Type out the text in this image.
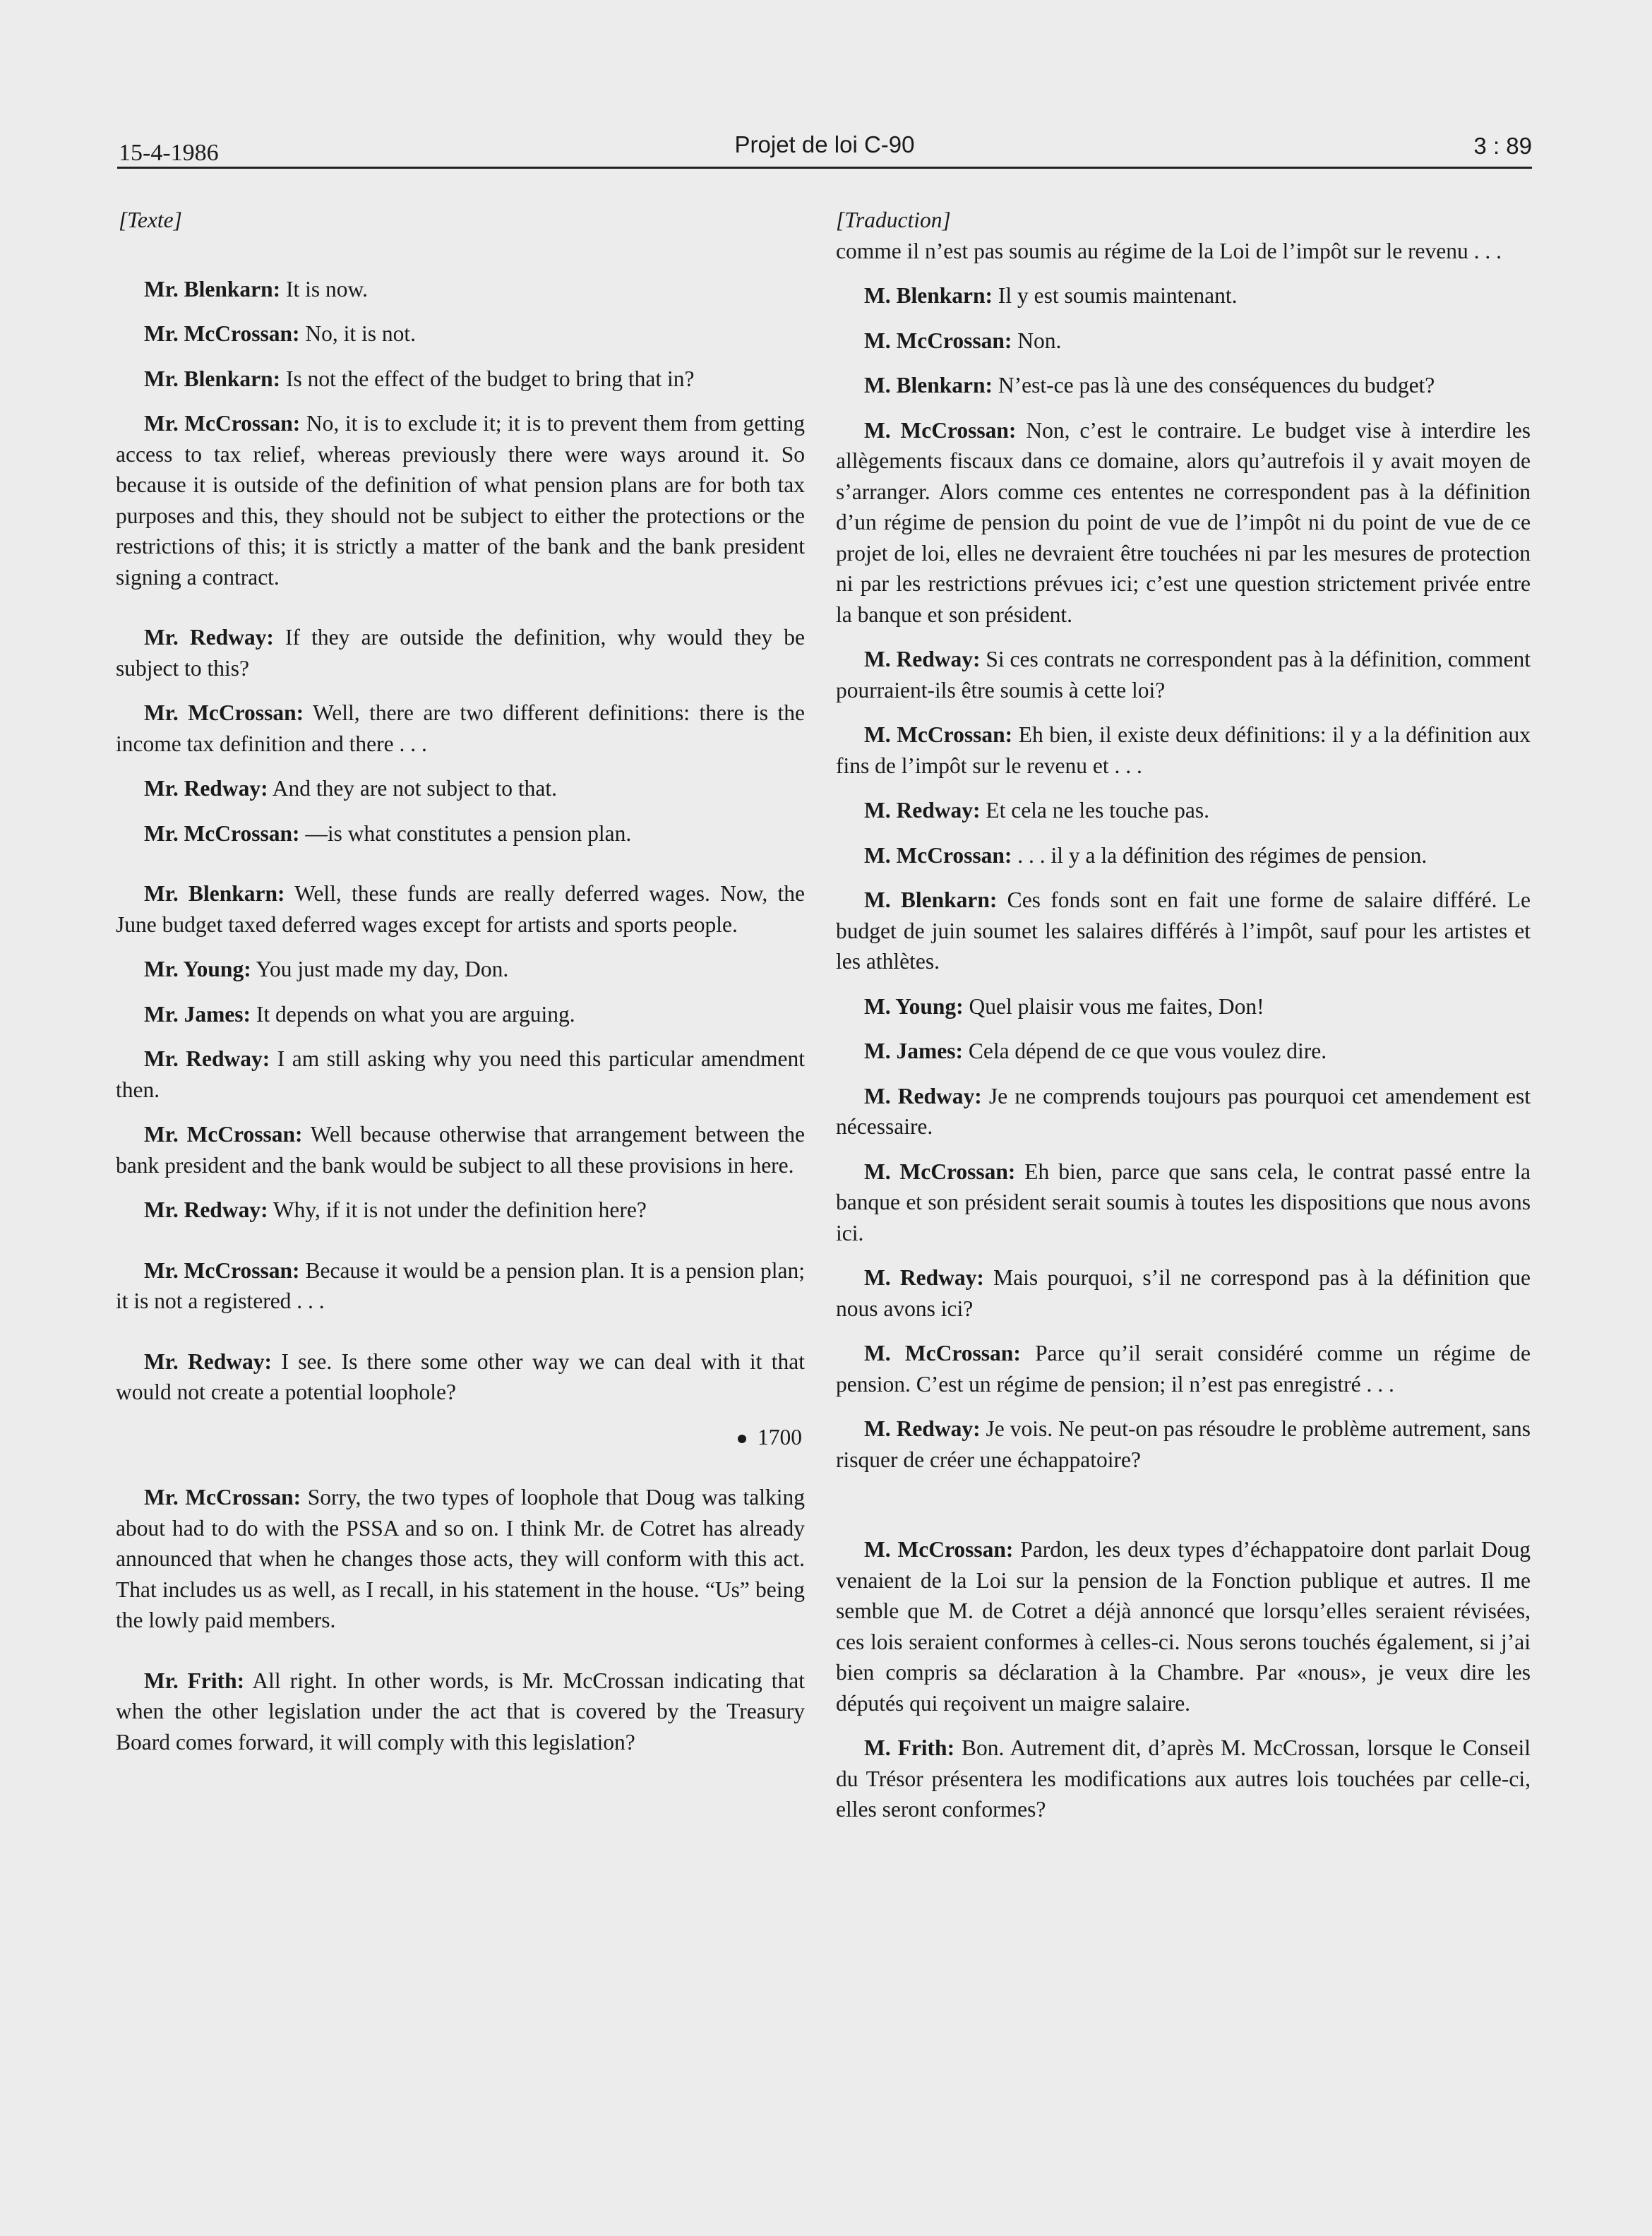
15-4-1986	Projet de loi C-90	3 : 89
[Texte]

Mr. Blenkarn: It is now.

Mr. McCrossan: No, it is not.

Mr. Blenkarn: Is not the effect of the budget to bring that in?

Mr. McCrossan: No, it is to exclude it; it is to prevent them from getting access to tax relief, whereas previously there were ways around it. So because it is outside of the definition of what pension plans are for both tax purposes and this, they should not be subject to either the protections or the restrictions of this; it is strictly a matter of the bank and the bank president signing a contract.

Mr. Redway: If they are outside the definition, why would they be subject to this?

Mr. McCrossan: Well, there are two different definitions: there is the income tax definition and there . . .

Mr. Redway: And they are not subject to that.

Mr. McCrossan: —is what constitutes a pension plan.

Mr. Blenkarn: Well, these funds are really deferred wages. Now, the June budget taxed deferred wages except for artists and sports people.

Mr. Young: You just made my day, Don.

Mr. James: It depends on what you are arguing.

Mr. Redway: I am still asking why you need this particular amendment then.

Mr. McCrossan: Well because otherwise that arrangement between the bank president and the bank would be subject to all these provisions in here.

Mr. Redway: Why, if it is not under the definition here?

Mr. McCrossan: Because it would be a pension plan. It is a pension plan; it is not a registered . . .

Mr. Redway: I see. Is there some other way we can deal with it that would not create a potential loophole?

1700

Mr. McCrossan: Sorry, the two types of loophole that Doug was talking about had to do with the PSSA and so on. I think Mr. de Cotret has already announced that when he changes those acts, they will conform with this act. That includes us as well, as I recall, in his statement in the house. “Us” being the lowly paid members.

Mr. Frith: All right. In other words, is Mr. McCrossan indicating that when the other legislation under the act that is covered by the Treasury Board comes forward, it will comply with this legislation?

[Traduction]

comme il n’est pas soumis au régime de la Loi de l’impôt sur le revenu . . .

M. Blenkarn: Il y est soumis maintenant.

M. McCrossan: Non.

M. Blenkarn: N’est-ce pas là une des conséquences du budget?

M. McCrossan: Non, c’est le contraire. Le budget vise à interdire les allègements fiscaux dans ce domaine, alors qu’autrefois il y avait moyen de s’arranger. Alors comme ces ententes ne correspondent pas à la définition d’un régime de pension du point de vue de l’impôt ni du point de vue de ce projet de loi, elles ne devraient être touchées ni par les mesures de protection ni par les restrictions prévues ici; c’est une question strictement privée entre la banque et son président.

M. Redway: Si ces contrats ne correspondent pas à la définition, comment pourraient-ils être soumis à cette loi?

M. McCrossan: Eh bien, il existe deux définitions: il y a la définition aux fins de l’impôt sur le revenu et . . .

M. Redway: Et cela ne les touche pas.

M. McCrossan: . . . il y a la définition des régimes de pension.

M. Blenkarn: Ces fonds sont en fait une forme de salaire différé. Le budget de juin soumet les salaires différés à l’impôt, sauf pour les artistes et les athlètes.

M. Young: Quel plaisir vous me faites, Don!

M. James: Cela dépend de ce que vous voulez dire.

M. Redway: Je ne comprends toujours pas pourquoi cet amendement est nécessaire.

M. McCrossan: Eh bien, parce que sans cela, le contrat passé entre la banque et son président serait soumis à toutes les dispositions que nous avons ici.

M. Redway: Mais pourquoi, s’il ne correspond pas à la définition que nous avons ici?

M. McCrossan: Parce qu’il serait considéré comme un régime de pension. C’est un régime de pension; il n’est pas enregistré . . .

M. Redway: Je vois. Ne peut-on pas résoudre le problème autrement, sans risquer de créer une échappatoire?

M. McCrossan: Pardon, les deux types d’échappatoire dont parlait Doug venaient de la Loi sur la pension de la Fonction publique et autres. Il me semble que M. de Cotret a déjà annoncé que lorsqu’elles seraient révisées, ces lois seraient conformes à celles-ci. Nous serons touchés également, si j’ai bien compris sa déclaration à la Chambre. Par «nous», je veux dire les députés qui reçoivent un maigre salaire.

M. Frith: Bon. Autrement dit, d’après M. McCrossan, lorsque le Conseil du Trésor présentera les modifications aux autres lois touchées par celle-ci, elles seront conformes?
